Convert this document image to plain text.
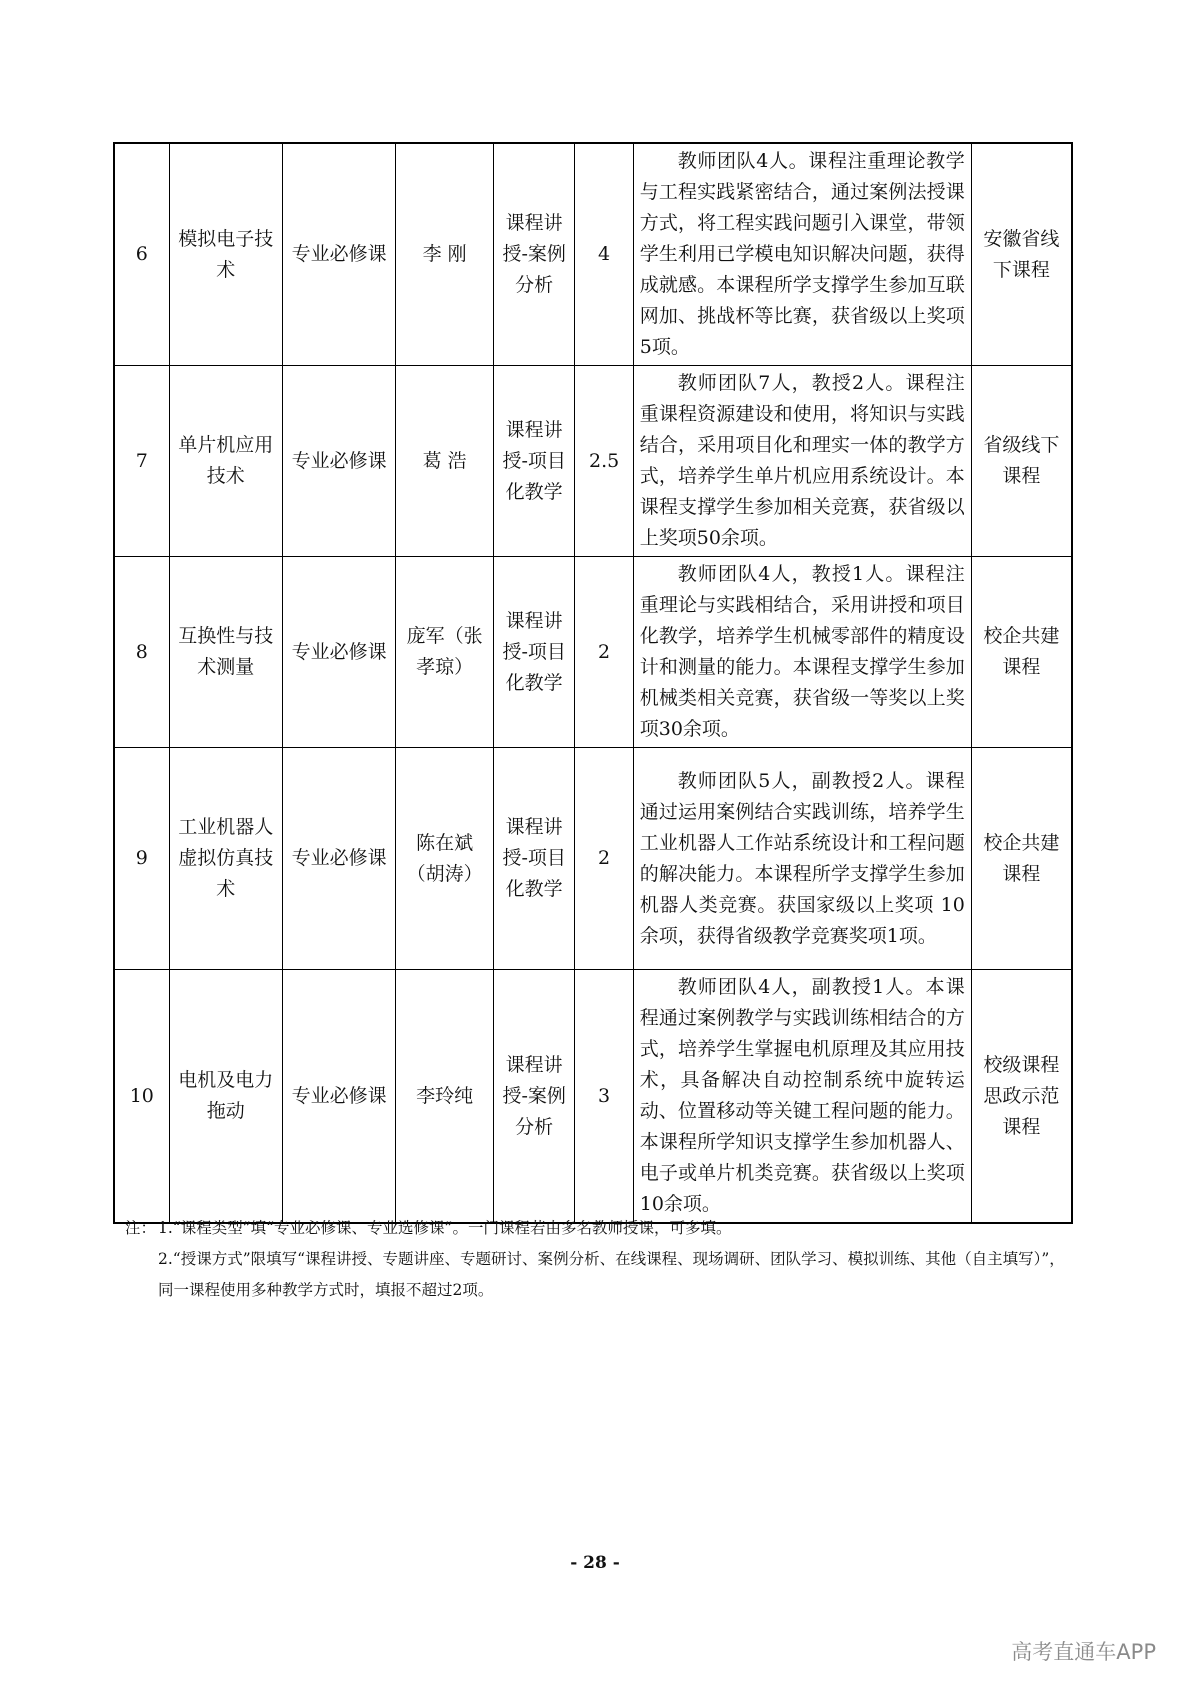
6	模拟电子技术	专业必修课	李 刚	课程讲授-案例分析	4	教师团队4人。课程注重理论教学与工程实践紧密结合，通过案例法授课方式，将工程实践问题引入课堂，带领学生利用已学模电知识解决问题，获得成就感。本课程所学支撑学生参加互联网加、挑战杯等比赛，获省级以上奖项5项。	安徽省线下课程
7	单片机应用技术	专业必修课	葛 浩	课程讲授-项目化教学	2.5	教师团队7人，教授2人。课程注重课程资源建设和使用，将知识与实践结合，采用项目化和理实一体的教学方式，培养学生单片机应用系统设计。本课程支撑学生参加相关竞赛，获省级以上奖项50余项。	省级线下课程
8	互换性与技术测量	专业必修课	庞军（张孝琼）	课程讲授-项目化教学	2	教师团队4人，教授1人。课程注重理论与实践相结合，采用讲授和项目化教学，培养学生机械零部件的精度设计和测量的能力。本课程支撑学生参加机械类相关竞赛，获省级一等奖以上奖项30余项。	校企共建课程
9	工业机器人虚拟仿真技术	专业必修课	陈在斌（胡涛）	课程讲授-项目化教学	2	教师团队5人，副教授2人。课程通过运用案例结合实践训练，培养学生工业机器人工作站系统设计和工程问题的解决能力。本课程所学支撑学生参加机器人类竞赛。获国家级以上奖项 10 余项，获得省级教学竞赛奖项1项。	校企共建课程
10	电机及电力拖动	专业必修课	李玲纯	课程讲授-案例分析	3	教师团队4人，副教授1人。本课程通过案例教学与实践训练相结合的方式，培养学生掌握电机原理及其应用技术，具备解决自动控制系统中旋转运动、位置移动等关键工程问题的能力。本课程所学知识支撑学生参加机器人、电子或单片机类竞赛。获省级以上奖项10余项。	校级课程思政示范课程
注： 1.“课程类型”填“专业必修课、专业选修课”。一门课程若由多名教师授课，可多填。
2.“授课方式”限填写“课程讲授、专题讲座、专题研讨、案例分析、在线课程、现场调研、团队学习、模拟训练、其他（自主填写）”，同一课程使用多种教学方式时，填报不超过2项。
- 28 -
高考直通车APP
